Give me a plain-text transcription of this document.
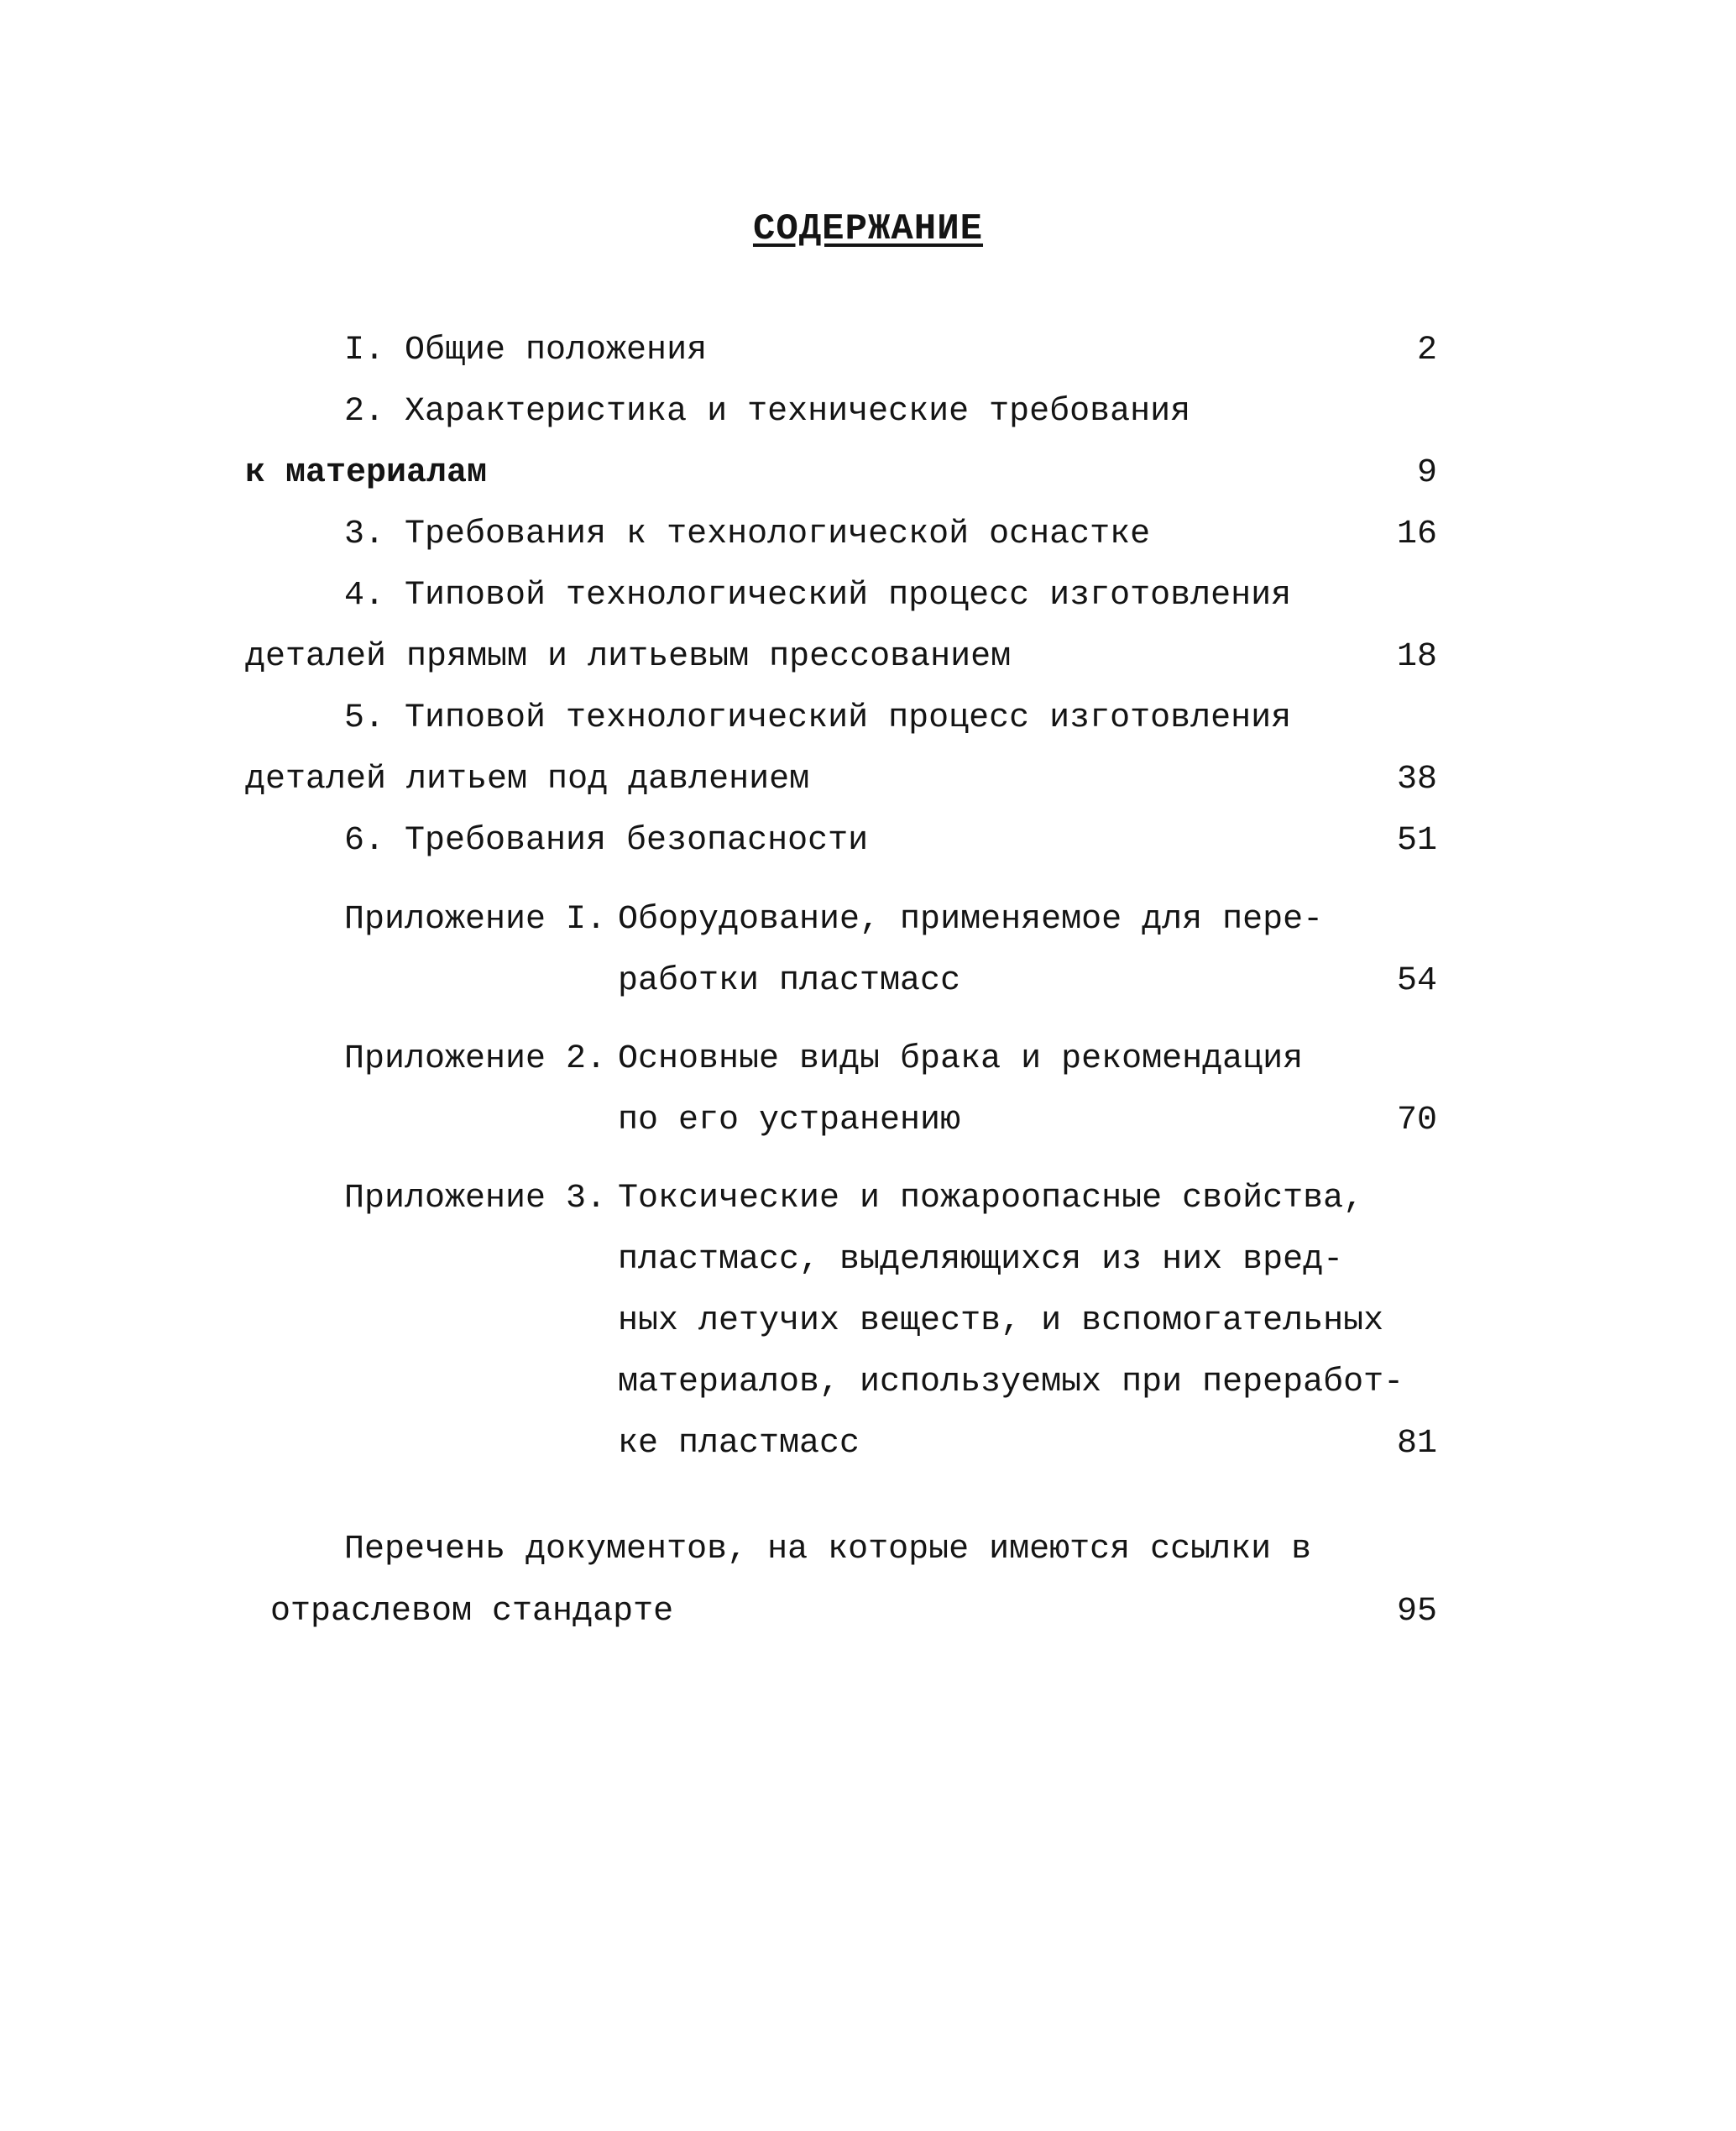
СОДЕРЖАНИЕ
I. Общие положения	2
2. Характеристика и технические требования
к материалам	9
3. Требования к технологической оснастке	16
4. Типовой технологический процесс изготовления
деталей прямым и литьевым прессованием	18
5. Типовой технологический процесс изготовления
деталей литьем под давлением	38
6. Требования безопасности	51
Приложение I. Оборудование, применяемое для пере-
работки пластмасс	54
Приложение 2. Основные виды брака и рекомендация
по его устранению	70
Приложение 3. Токсические и пожароопасные свойства,
пластмасс, выделяющихся из них вред-
ных летучих веществ, и вспомогательных
материалов, используемых при переработ-
ке пластмасс	81
Перечень документов, на которые имеются ссылки в
отраслевом стандарте	95
